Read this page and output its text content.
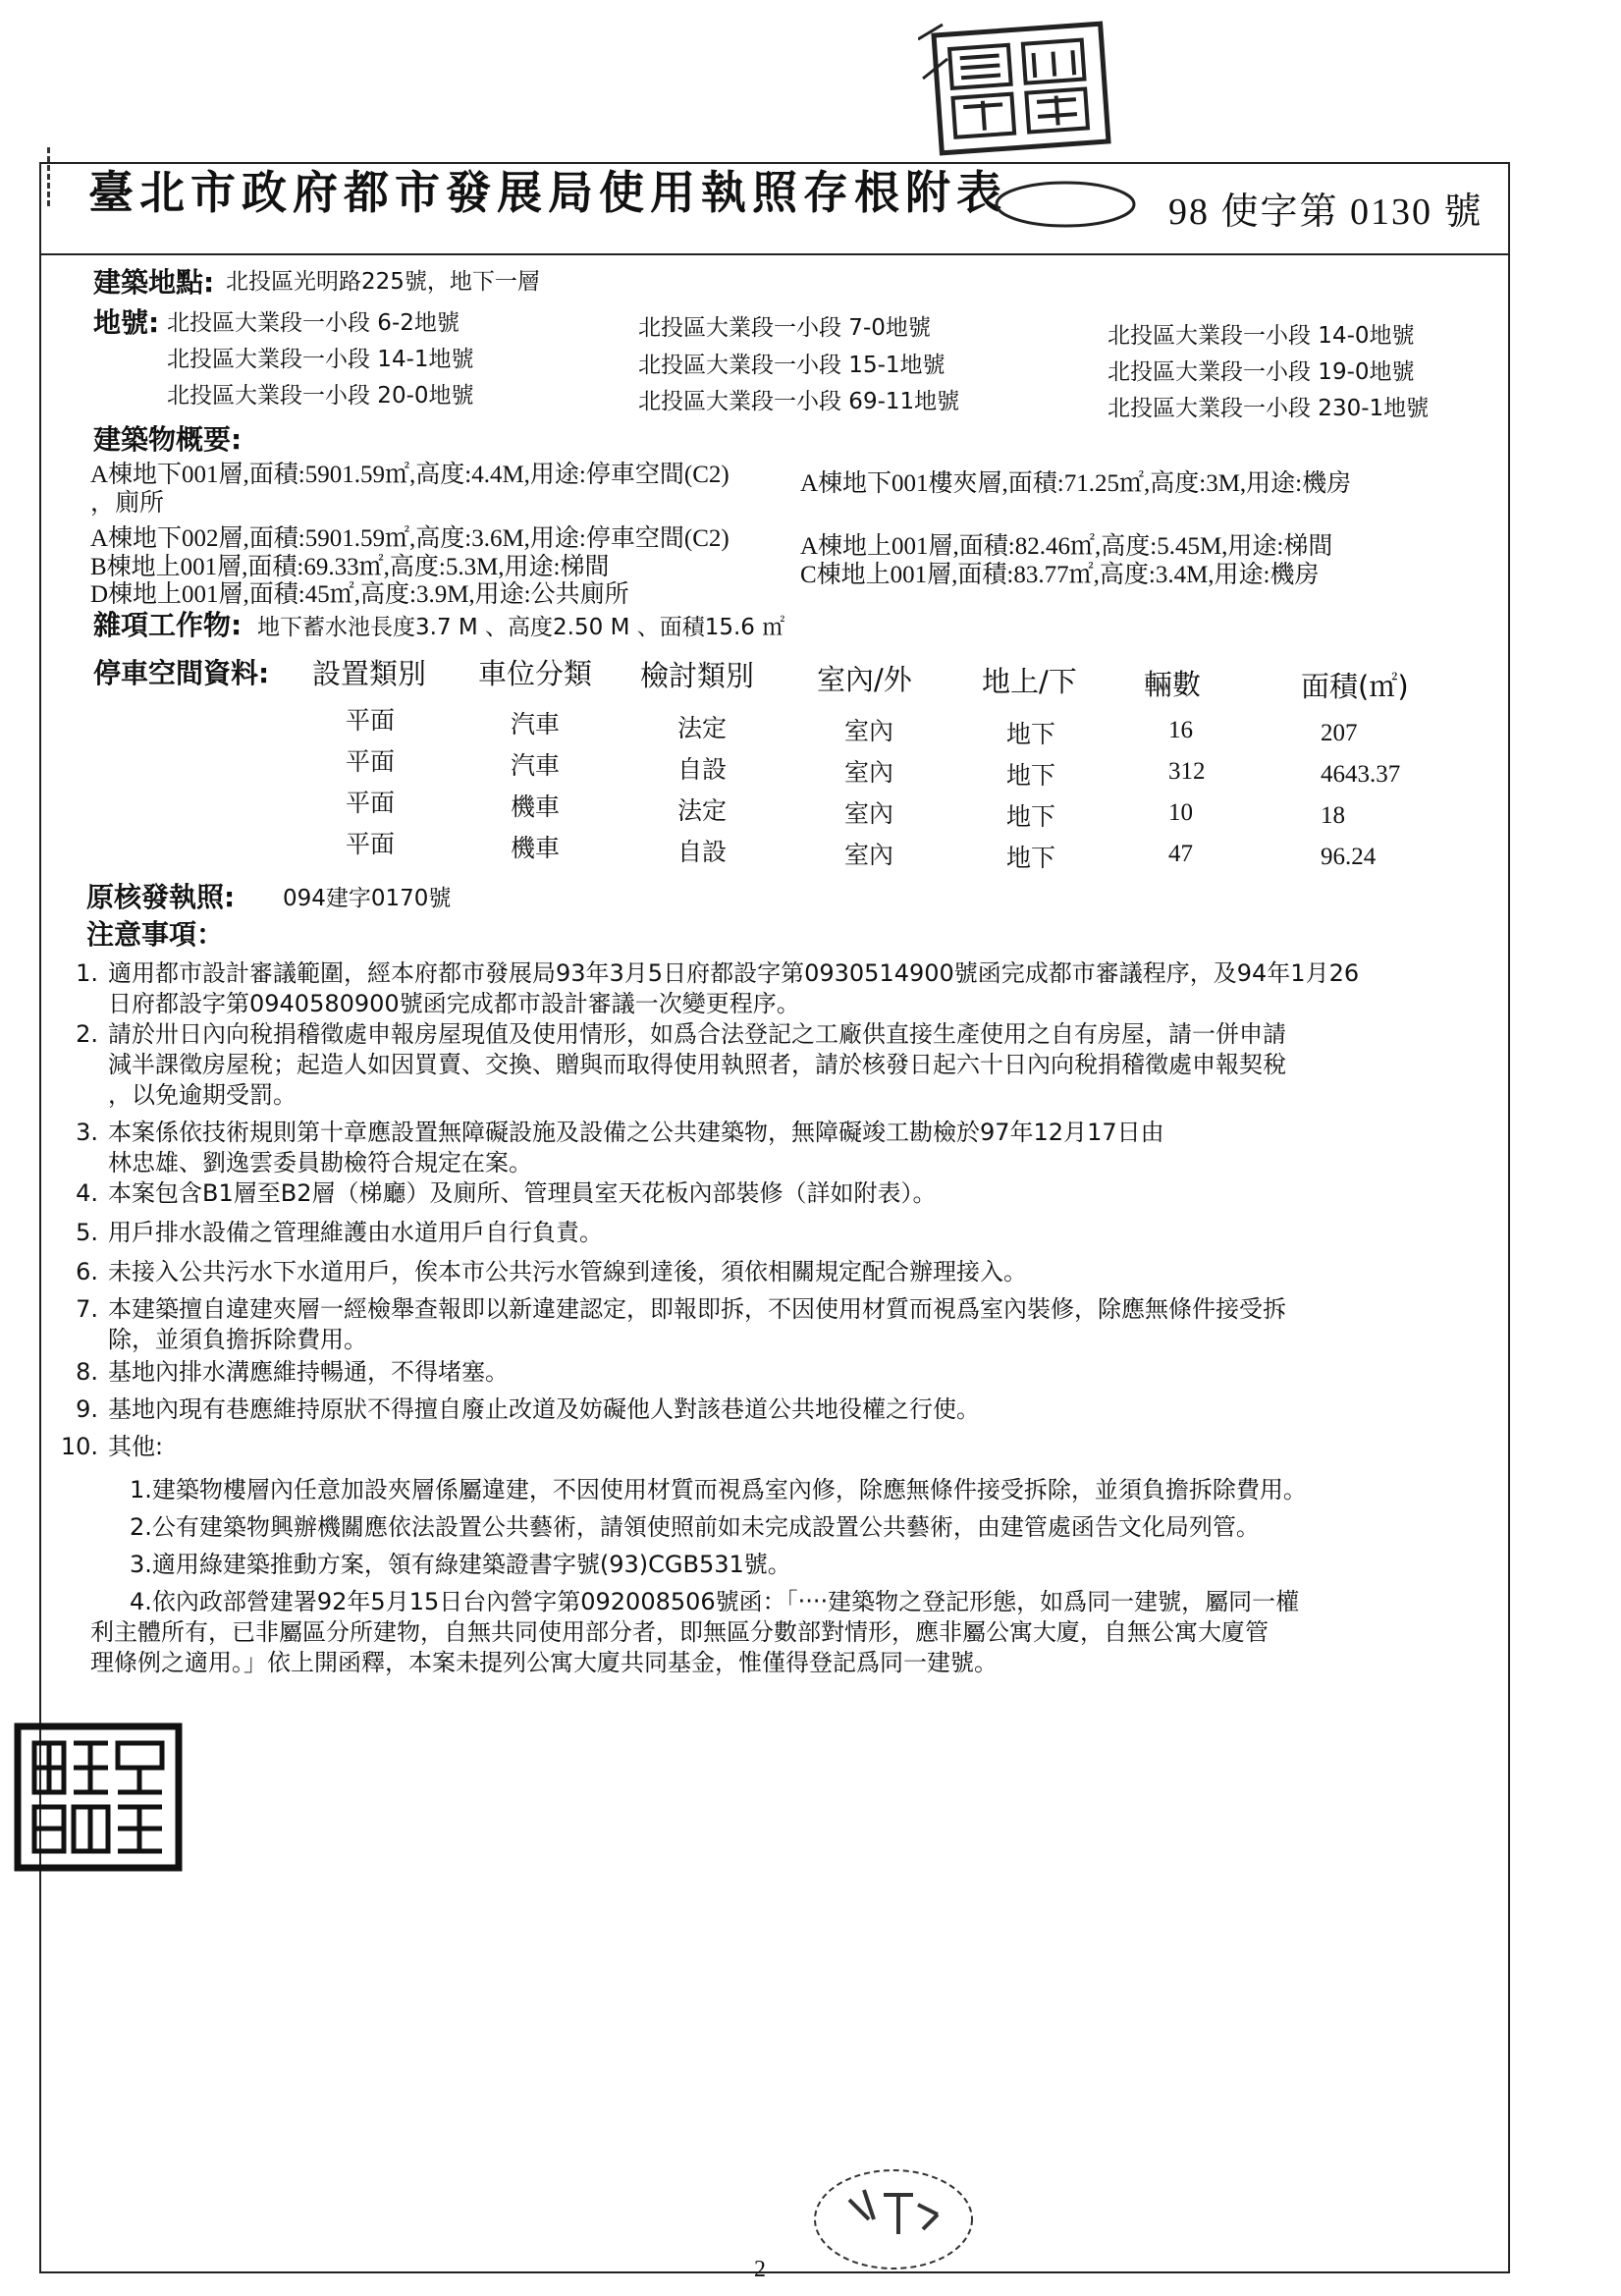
臺北市政府都市發展局使用執照存根附表	98 使字第 0130 號
建築地點: 北投區光明路225號，地下一層
地號: 北投區大業段一小段 6-2地號	北投區大業段一小段 7-0地號	北投區大業段一小段 14-0地號
北投區大業段一小段 14-1地號	北投區大業段一小段 15-1地號	北投區大業段一小段 19-0地號
北投區大業段一小段 20-0地號	北投區大業段一小段 69-11地號	北投區大業段一小段 230-1地號
建築物概要:
A棟地下001層,面積:5901.59㎡,高度:4.4M,用途:停車空間(C2)	A棟地下001樓夾層,面積:71.25㎡,高度:3M,用途:機房
，廁所
A棟地下002層,面積:5901.59㎡,高度:3.6M,用途:停車空間(C2)	A棟地上001層,面積:82.46㎡,高度:5.45M,用途:梯間
B棟地上001層,面積:69.33㎡,高度:5.3M,用途:梯間	C棟地上001層,面積:83.77㎡,高度:3.4M,用途:機房
D棟地上001層,面積:45㎡,高度:3.9M,用途:公共廁所
雜項工作物: 地下蓄水池長度3.7 M 、高度2.50 M 、面積15.6 ㎡
停車空間資料: 設置類別 車位分類 檢討類別 室內/外 地上/下 輛數	面積(㎡)
平面	汽車	法定	室內	地下	16	207
平面	汽車	自設	室內	地下	312	4643.37
平面	機車	法定	室內	地下	10	18
平面	機車	自設	室內	地下	47	96.24
原核發執照: 094建字0170號
注意事項：
1. 適用都市設計審議範圍，經本府都市發展局93年3月5日府都設字第0930514900號函完成都市審議程序，及94年1月26
日府都設字第0940580900號函完成都市設計審議一次變更程序。
2. 請於卅日內向稅捐稽徵處申報房屋現值及使用情形，如爲合法登記之工廠供直接生產使用之自有房屋，請一併申請
減半課徵房屋稅；起造人如因買賣、交換、贈與而取得使用執照者，請於核發日起六十日內向稅捐稽徵處申報契稅
，以免逾期受罰。
3. 本案係依技術規則第十章應設置無障礙設施及設備之公共建築物，無障礙竣工勘檢於97年12月17日由
林忠雄、劉逸雲委員勘檢符合規定在案。
4. 本案包含B1層至B2層（梯廳）及廁所、管理員室天花板內部裝修（詳如附表）。
5. 用戶排水設備之管理維護由水道用戶自行負責。
6. 未接入公共污水下水道用戶，俟本市公共污水管線到達後，須依相關規定配合辦理接入。
7. 本建築擅自違建夾層一經檢舉查報即以新違建認定，即報即拆，不因使用材質而視爲室內裝修，除應無條件接受拆
除，並須負擔拆除費用。
8. 基地內排水溝應維持暢通，不得堵塞。
9. 基地內現有巷應維持原狀不得擅自廢止改道及妨礙他人對該巷道公共地役權之行使。
10. 其他:
1.建築物樓層內任意加設夾層係屬違建，不因使用材質而視爲室內修，除應無條件接受拆除，並須負擔拆除費用。
2.公有建築物興辦機關應依法設置公共藝術，請領使照前如未完成設置公共藝術，由建管處函告文化局列管。
3.適用綠建築推動方案，領有綠建築證書字號(93)CGB531號。
4.依內政部營建署92年5月15日台內營字第092008506號函：「‧‧‧‧建築物之登記形態，如爲同一建號，屬同一權
利主體所有，已非屬區分所建物，自無共同使用部分者，即無區分數部對情形，應非屬公寓大廈，自無公寓大廈管
理條例之適用。」依上開函釋，本案未提列公寓大廈共同基金，惟僅得登記爲同一建號。
2
